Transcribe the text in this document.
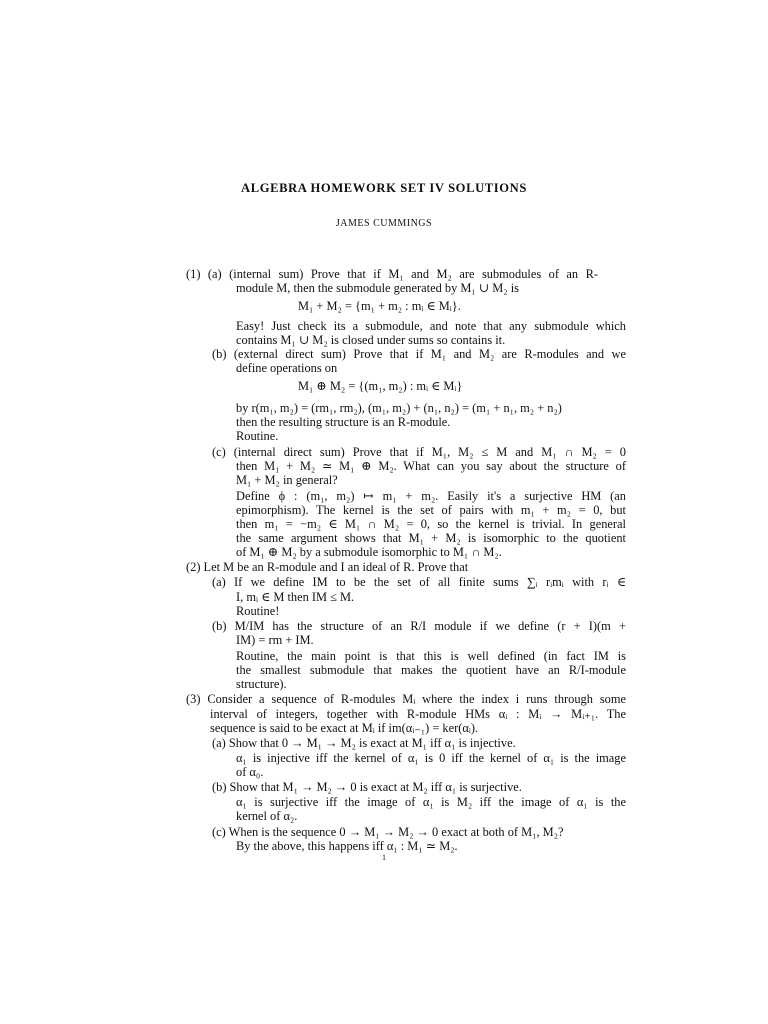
ALGEBRA HOMEWORK SET IV SOLUTIONS
JAMES CUMMINGS
(1) (a) (internal sum) Prove that if M₁ and M₂ are submodules of an R-
module M, then the submodule generated by M₁ ∪ M₂ is
M₁ + M₂ = {m₁ + m₂ : mᵢ ∈ Mᵢ}.
Easy! Just check its a submodule, and note that any submodule which
contains M₁ ∪ M₂ is closed under sums so contains it.
(b) (external direct sum) Prove that if M₁ and M₂ are R-modules and we
define operations on
M₁ ⊕ M₂ = {(m₁, m₂) : mᵢ ∈ Mᵢ}
by r(m₁, m₂) = (rm₁, rm₂), (m₁, m₂) + (n₁, n₂) = (m₁ + n₁, m₂ + n₂)
then the resulting structure is an R-module.
Routine.
(c) (internal direct sum) Prove that if M₁, M₂ ≤ M and M₁ ∩ M₂ = 0
then M₁ + M₂ ≃ M₁ ⊕ M₂. What can you say about the structure of
M₁ + M₂ in general?
Define ϕ : (m₁, m₂) ↦ m₁ + m₂. Easily it's a surjective HM (an
epimorphism). The kernel is the set of pairs with m₁ + m₂ = 0, but
then m₁ = −m₂ ∈ M₁ ∩ M₂ = 0, so the kernel is trivial. In general
the same argument shows that M₁ + M₂ is isomorphic to the quotient
of M₁ ⊕ M₂ by a submodule isomorphic to M₁ ∩ M₂.
(2) Let M be an R-module and I an ideal of R. Prove that
(a) If we define IM to be the set of all finite sums ∑ᵢ rᵢmᵢ with rᵢ ∈
I, mᵢ ∈ M then IM ≤ M.
Routine!
(b) M/IM has the structure of an R/I module if we define (r + I)(m +
IM) = rm + IM.
Routine, the main point is that this is well defined (in fact IM is
the smallest submodule that makes the quotient have an R/I-module
structure).
(3) Consider a sequence of R-modules Mᵢ where the index i runs through some
interval of integers, together with R-module HMs αᵢ : Mᵢ → Mᵢ₊₁. The
sequence is said to be exact at Mᵢ if im(αᵢ₋₁) = ker(αᵢ).
(a) Show that 0 → M₁ → M₂ is exact at M₁ iff α₁ is injective.
α₁ is injective iff the kernel of α₁ is 0 iff the kernel of α₁ is the image
of α₀.
(b) Show that M₁ → M₂ → 0 is exact at M₂ iff α₁ is surjective.
α₁ is surjective iff the image of α₁ is M₂ iff the image of α₁ is the
kernel of α₂.
(c) When is the sequence 0 → M₁ → M₂ → 0 exact at both of M₁, M₂?
By the above, this happens iff α₁ : M₁ ≃ M₂.
1
